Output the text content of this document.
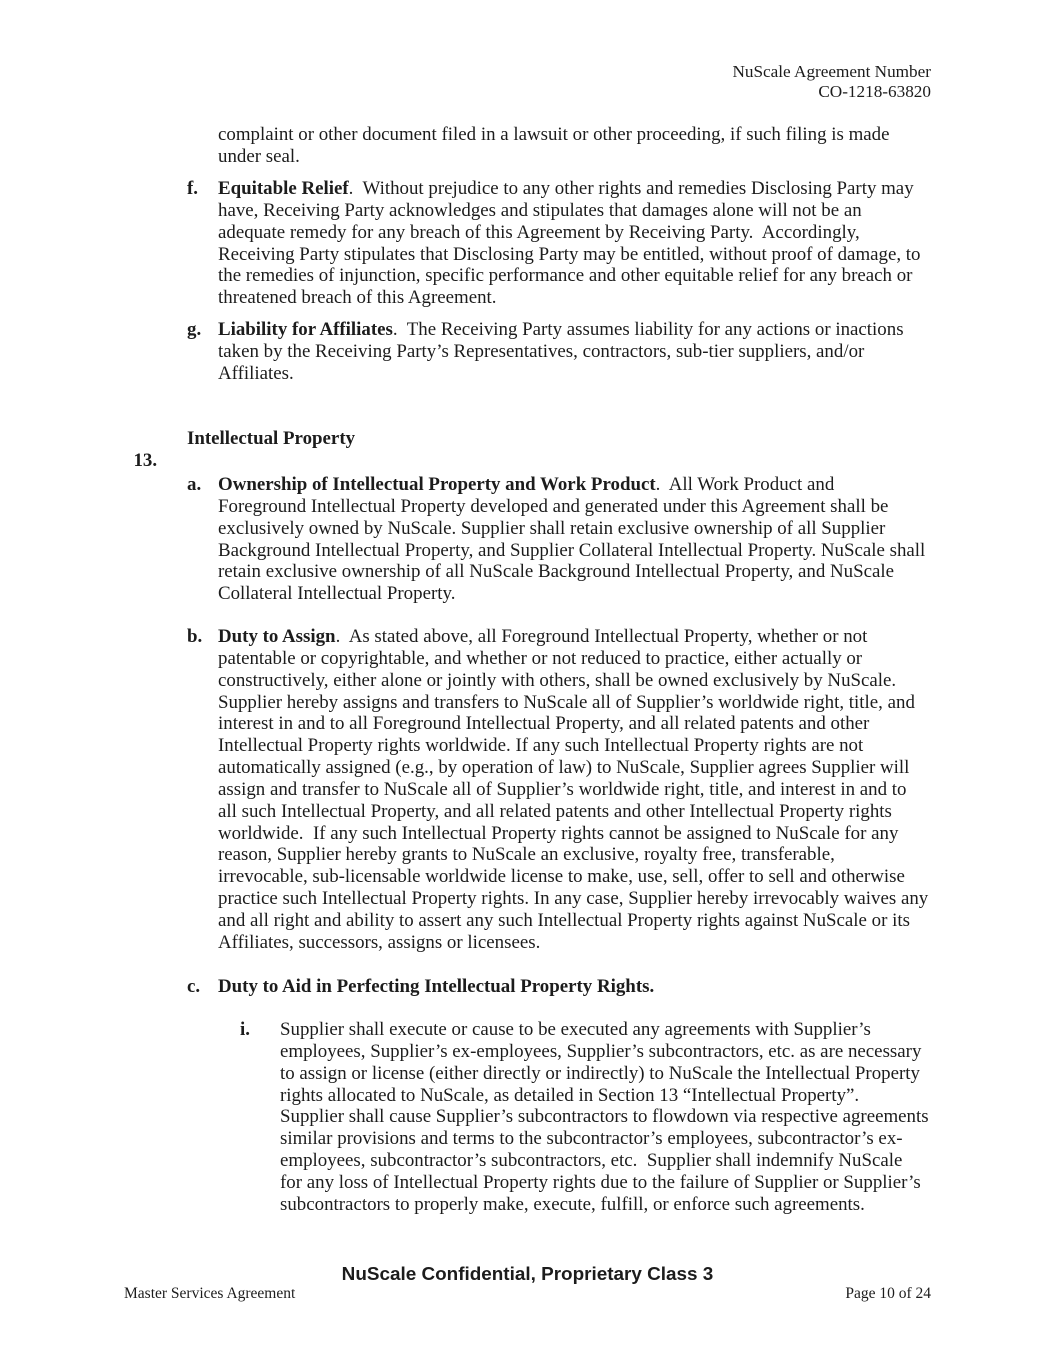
NuScale Agreement Number
CO-1218-63820
complaint or other document filed in a lawsuit or other proceeding, if such filing is made
under seal.
f. Equitable Relief.  Without prejudice to any other rights and remedies Disclosing Party may
have, Receiving Party acknowledges and stipulates that damages alone will not be an
adequate remedy for any breach of this Agreement by Receiving Party.  Accordingly,
Receiving Party stipulates that Disclosing Party may be entitled, without proof of damage, to
the remedies of injunction, specific performance and other equitable relief for any breach or
threatened breach of this Agreement.
g. Liability for Affiliates.  The Receiving Party assumes liability for any actions or inactions
taken by the Receiving Party’s Representatives, contractors, sub-tier suppliers, and/or
Affiliates.

13.

Intellectual Property

a. Ownership of Intellectual Property and Work Product.  All Work Product and
Foreground Intellectual Property developed and generated under this Agreement shall be
exclusively owned by NuScale. Supplier shall retain exclusive ownership of all Supplier
Background Intellectual Property, and Supplier Collateral Intellectual Property. NuScale shall
retain exclusive ownership of all NuScale Background Intellectual Property, and NuScale
Collateral Intellectual Property.
b. Duty to Assign.  As stated above, all Foreground Intellectual Property, whether or not
patentable or copyrightable, and whether or not reduced to practice, either actually or
constructively, either alone or jointly with others, shall be owned exclusively by NuScale.
Supplier hereby assigns and transfers to NuScale all of Supplier’s worldwide right, title, and
interest in and to all Foreground Intellectual Property, and all related patents and other
Intellectual Property rights worldwide. If any such Intellectual Property rights are not
automatically assigned (e.g., by operation of law) to NuScale, Supplier agrees Supplier will
assign and transfer to NuScale all of Supplier’s worldwide right, title, and interest in and to
all such Intellectual Property, and all related patents and other Intellectual Property rights
worldwide.  If any such Intellectual Property rights cannot be assigned to NuScale for any
reason, Supplier hereby grants to NuScale an exclusive, royalty free, transferable,
irrevocable, sub-licensable worldwide license to make, use, sell, offer to sell and otherwise
practice such Intellectual Property rights. In any case, Supplier hereby irrevocably waives any
and all right and ability to assert any such Intellectual Property rights against NuScale or its
Affiliates, successors, assigns or licensees.
c. Duty to Aid in Perfecting Intellectual Property Rights.
i. Supplier shall execute or cause to be executed any agreements with Supplier’s
employees, Supplier’s ex-employees, Supplier’s subcontractors, etc. as are necessary
to assign or license (either directly or indirectly) to NuScale the Intellectual Property
rights allocated to NuScale, as detailed in Section 13 “Intellectual Property”.
Supplier shall cause Supplier’s subcontractors to flowdown via respective agreements
similar provisions and terms to the subcontractor’s employees, subcontractor’s ex-
employees, subcontractor’s subcontractors, etc.  Supplier shall indemnify NuScale
for any loss of Intellectual Property rights due to the failure of Supplier or Supplier’s
subcontractors to properly make, execute, fulfill, or enforce such agreements.
NuScale Confidential, Proprietary Class 3
Master Services Agreement	Page 10 of 24
